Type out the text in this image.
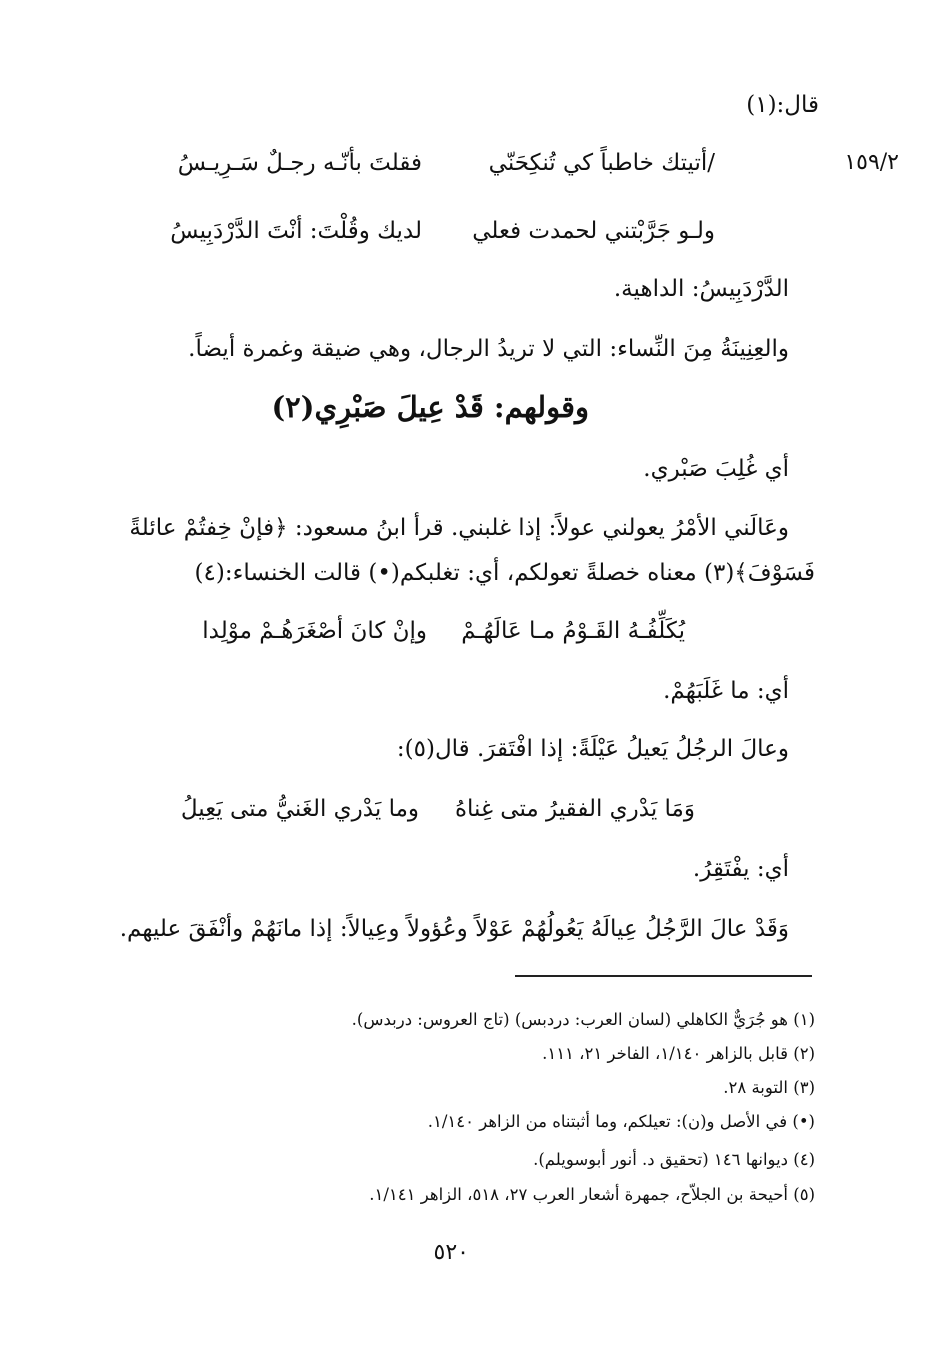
قال:(١)
١٥٩/٢
/أتيتك خاطباً كي تُنكِحَنّي
فقلتَ بأنّـه رجـلٌ سَـرِيـسُ
ولـو جَرَّبْتني لحمدت فعلي
لديك وقُلْتَ: أنْتَ الدَّرْدَبِيسُ
الدَّرْدَبِيسُ: الداهية.
والعِنِينَةُ مِنَ النِّساء: التي لا تريدُ الرجال، وهي ضيقة وغمرة أيضاً.
وقولهم: قَدْ عِيلَ صَبْرِي(٢)
أي غُلِبَ صَبْري.
وعَالَني الأمْرُ يعولني عولاً: إذا غلبني. قرأ ابنُ مسعود: ﴿فإنْ خِفتُمْ عائلةً
فَسَوْفَ﴾(٣) معناه خصلةً تعولكم، أي: تغلبكم(•) قالت الخنساء:(٤)
يُكَلِّفُـهُ القَـوْمُ مـا عَالَهُـمْ
وإنْ كانَ أصْغَرَهُـمْ موْلِدا
أي: ما غَلَبَهُمْ.
وعالَ الرجُلُ يَعيلُ عَيْلَةً: إذا افْتَقرَ. قال(٥):
وَمَا يَدْري الفقيرُ متى غِناهُ
وما يَدْري الغَنيُّ متى يَعِيلُ
أي: يفْتَقِرُ.
وَقَدْ عالَ الرَّجُلُ عِيالَهُ يَعُولُهُمْ عَوْلاً وعُؤولاً وعِيالاً: إذا مانَهُمْ وأنْفَقَ عليهم.
(١) هو جُرَيٌّ الكاهلي (لسان العرب: دردبس) (تاج العروس: دربدس).
(٢) قابل بالزاهر ١/١٤٠، الفاخر ٢١، ١١١.
(٣) التوبة ٢٨.
(•) في الأصل و(ن): تعيلكم، وما أثبتناه من الزاهر ١/١٤٠.
(٤) ديوانها ١٤٦ (تحقيق د. أنور أبوسويلم).
(٥) أحيحة بن الجلاّح، جمهرة أشعار العرب ٢٧، ٥١٨، الزاهر ١/١٤١.
٥٢٠
